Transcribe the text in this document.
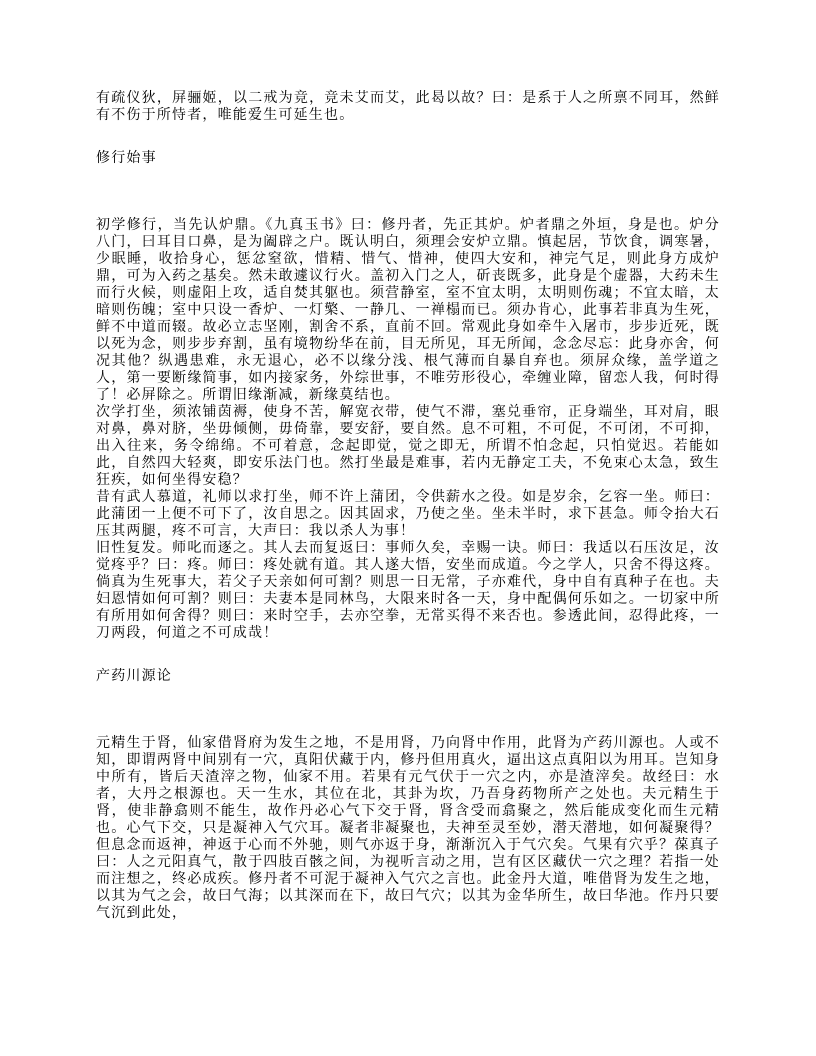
有疏仪狄，屏骊姬，以二戒为竞，竞未艾而艾，此曷以故？曰：是系于人之所禀不同耳，然鲜有不伤于所恃者，唯能爱生可延生也。

修行始事

初学修行，当先认炉鼎。《九真玉书》曰：修丹者，先正其炉。炉者鼎之外垣，身是也。炉分八门，曰耳目口鼻，是为阖辟之户。既认明白，须理会安炉立鼎。慎起居，节饮食，调寒暑，少眠睡，收拾身心，惩忿窒欲，惜精、惜气、惜神，使四大安和，神完气足，则此身方成炉鼎，可为入药之基矣。然未敢遽议行火。盖初入门之人，斫丧既多，此身是个虚器，大药未生而行火候，则虚阳上攻，适自焚其躯也。须营静室，室不宜太明，太明则伤魂；不宜太暗，太暗则伤魄；室中只设一香炉、一灯檠、一静几、一禅榻而已。须办肯心，此事若非真为生死，鲜不中道而辍。故必立志坚刚，割舍不系，直前不回。常观此身如牵牛入屠市，步步近死，既以死为念，则步步弃割，虽有境物纷华在前，目无所见，耳无所闻，念念尽忘：此身亦舍，何况其他？纵遇患难，永无退心，必不以缘分浅、根气薄而自暴自弃也。须屏众缘，盖学道之人，第一要断缘简事，如内接家务，外综世事，不唯劳形役心，牵缠业障，留恋人我，何时得了！必屏除之。所谓旧缘渐减，新缘莫结也。

次学打坐，须浓铺茵褥，使身不苦，解宽衣带，使气不滞，塞兑垂帘，正身端坐，耳对肩，眼对鼻，鼻对脐，坐毋倾侧，毋倚靠，要安舒，要自然。息不可粗，不可促，不可闭，不可抑，出入往来，务令绵绵。不可着意，念起即觉，觉之即无，所谓不怕念起，只怕觉迟。若能如此，自然四大轻爽，即安乐法门也。然打坐最是难事，若内无静定工夫，不免束心太急，致生狂疾，如何坐得安稳？

昔有武人慕道，礼师以求打坐，师不许上蒲团，令供薪水之役。如是岁余，乞容一坐。师曰：此蒲团一上便不可下了，汝自思之。因其固求，乃使之坐。坐未半时，求下甚急。师令抬大石压其两腿，疼不可言，大声曰：我以杀人为事！

旧性复发。师叱而逐之。其人去而复返曰：事师久矣，幸赐一诀。师曰：我适以石压汝足，汝觉疼乎？曰：疼。师曰：疼处就有道。其人遂大悟，安坐而成道。今之学人，只舍不得这疼。倘真为生死事大，若父子天亲如何可割？则思一日无常，子亦难代，身中自有真种子在也。夫妇恩情如何可割？则曰：夫妻本是同林鸟，大限来时各一天，身中配偶何乐如之。一切家中所有所用如何舍得？则曰：来时空手，去亦空拳，无常买得不来否也。参透此间，忍得此疼，一刀两段，何道之不可成哉！

产药川源论

元精生于肾，仙家借肾府为发生之地，不是用肾，乃向肾中作用，此肾为产药川源也。人或不知，即谓两肾中间别有一穴，真阳伏藏于内，修丹但用真火，逼出这点真阳以为用耳。岂知身中所有，皆后天渣滓之物，仙家不用。若果有元气伏于一穴之内，亦是渣滓矣。故经曰：水者，大丹之根源也。天一生水，其位在北，其卦为坎，乃吾身药物所产之处也。夫元精生于肾，使非静翕则不能生，故作丹必心气下交于肾，肾含受而翕聚之，然后能成变化而生元精也。心气下交，只是凝神入气穴耳。凝者非凝聚也，夫神至灵至妙，潜天潜地，如何凝聚得？但息念而返神，神返于心而不外驰，则气亦返于身，渐渐沉入于气穴矣。气果有穴乎？葆真子曰：人之元阳真气，散于四肢百骸之间，为视听言动之用，岂有区区藏伏一穴之理？若指一处而注想之，终必成疾。修丹者不可泥于凝神入气穴之言也。此金丹大道，唯借肾为发生之地，以其为气之会，故曰气海；以其深而在下，故曰气穴；以其为金华所生，故曰华池。作丹只要气沉到此处，
